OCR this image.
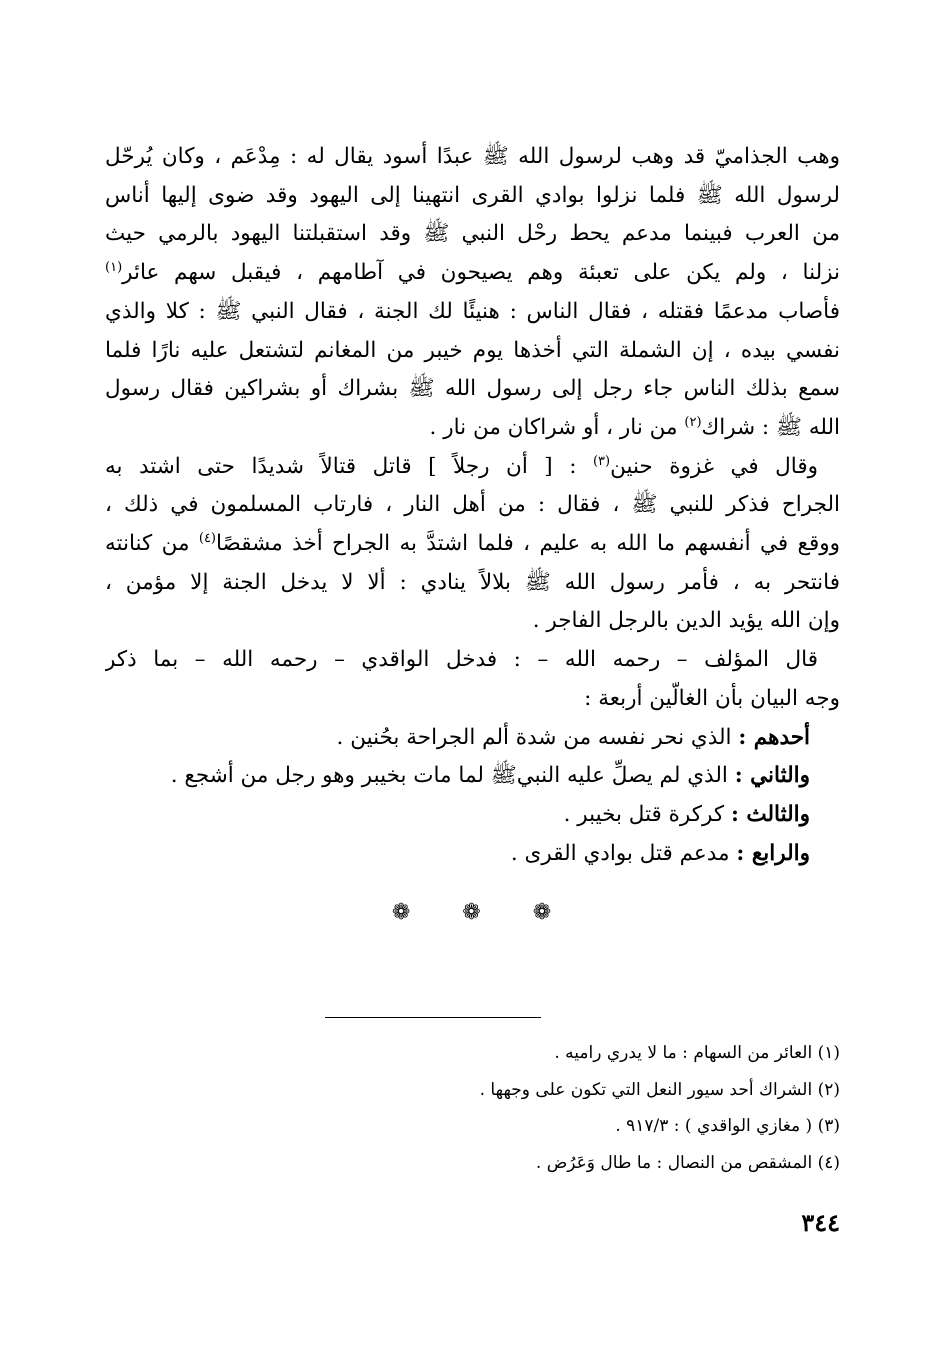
وهب الجذاميّ قد وهب لرسول الله ﷺ عبدًا أسود يقال له : مِدْعَم ، وكان يُرحّل
لرسول الله ﷺ فلما نزلوا بوادي القرى انتهينا إلى اليهود وقد ضوى إليها أناس
من العرب فبينما مدعم يحط رحْل النبي ﷺ وقد استقبلتنا اليهود بالرمي حيث
نزلنا ، ولم يكن على تعبئة وهم يصيحون في آطامهم ، فيقبل سهم عائر$^{(١)}$
فأصاب مدعمًا فقتله ، فقال الناس : هنيئًا لك الجنة ، فقال النبي ﷺ : كلا والذي
نفسي بيده ، إن الشملة التي أخذها يوم خيبر من المغانم لتشتعل عليه نارًا فلما
سمع بذلك الناس جاء رجل إلى رسول الله ﷺ بشراك أو بشراكين فقال رسول
الله ﷺ : شراك$^{(٢)}$ من نار ، أو شراكان من نار .
وقال في غزوة حنين$^{(٣)}$ : [ أن رجلاً ] قاتل قتالاً شديدًا حتى اشتد به
الجراح فذكر للنبي ﷺ ، فقال : من أهل النار ، فارتاب المسلمون في ذلك ،
ووقع في أنفسهم ما الله به عليم ، فلما اشتدَّ به الجراح أخذ مشقصًا$^{(٤)}$ من كنانته
فانتحر به ، فأمر رسول الله ﷺ بلالاً ينادي : ألا لا يدخل الجنة إلا مؤمن ،
وإن الله يؤيد الدين بالرجل الفاجر .
قال المؤلف – رحمه الله – : فدخل الواقدي – رحمه الله – بما ذكر
وجه البيان بأن الغالّين أربعة :
أحدهم : الذي نحر نفسه من شدة ألم الجراحة بحُنين .
والثاني : الذي لم يصلِّ عليه النبيﷺ لما مات بخيبر وهو رجل من أشجع .
والثالث : كركرة قتل بخيبر .
والرابع : مدعم قتل بوادي القرى .
❁ ❁ ❁
(١) العائر من السهام : ما لا يدري راميه .
(٢) الشراك أحد سيور النعل التي تكون على وجهها .
(٣) ( مغازي الواقدي ) : ٩١٧/٣ .
(٤) المشقص من النصال : ما طال وَعَرُض .
٣٤٤
